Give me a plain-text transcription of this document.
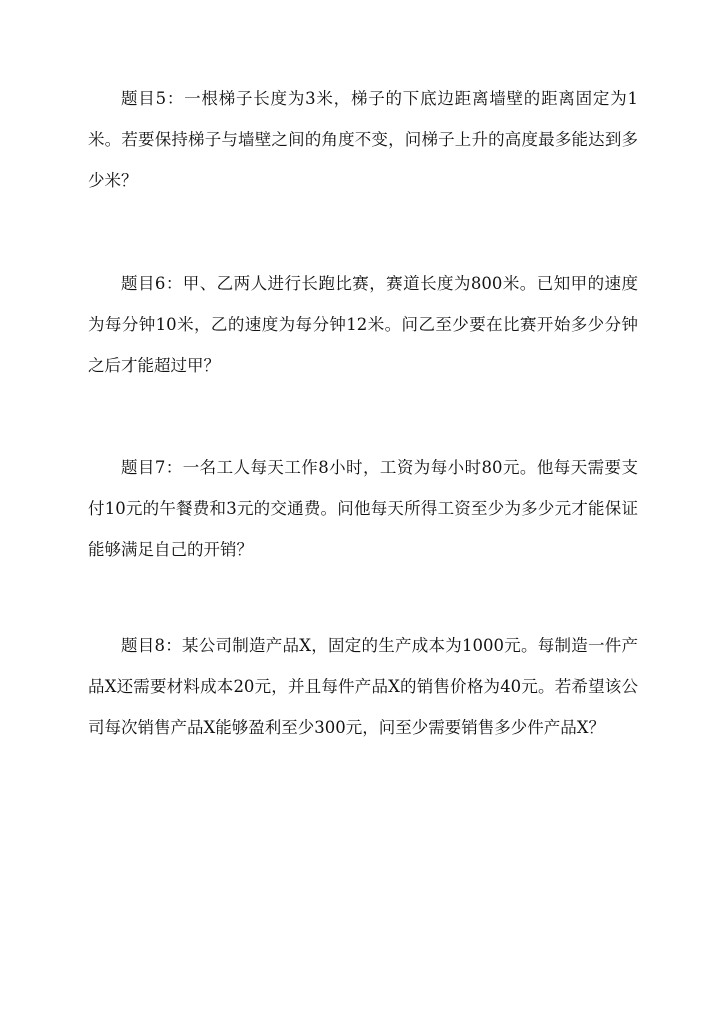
题目5：一根梯子长度为3米，梯子的下底边距离墙壁的距离固定为1米。若要保持梯子与墙壁之间的角度不变，问梯子上升的高度最多能达到多少米？

题目6：甲、乙两人进行长跑比赛，赛道长度为800米。已知甲的速度为每分钟10米，乙的速度为每分钟12米。问乙至少要在比赛开始多少分钟之后才能超过甲？

题目7：一名工人每天工作8小时，工资为每小时80元。他每天需要支付10元的午餐费和3元的交通费。问他每天所得工资至少为多少元才能保证能够满足自己的开销？

题目8：某公司制造产品X，固定的生产成本为1000元。每制造一件产品X还需要材料成本20元，并且每件产品X的销售价格为40元。若希望该公司每次销售产品X能够盈利至少300元，问至少需要销售多少件产品X？
